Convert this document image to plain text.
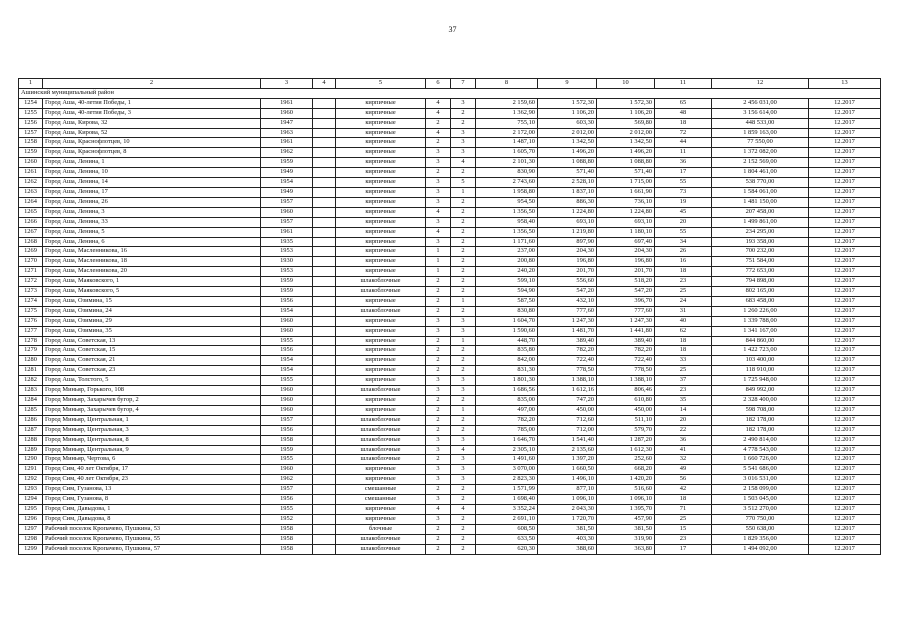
37
1	2	3	4	5	6	7	8	9	10	11	12	13
Ашинский муниципальный район												
1254	Город Аша, 40-летия Победы, 1	1961		кирпичные	4	3	2 159,60	1 572,30	1 572,30	65	2 456 031,00	12.2017
1255	Город Аша, 40-летия Победы, 3	1960		кирпичные	4	2	1 362,90	1 106,20	1 106,20	48	3 156 614,00	12.2017
1256	Город Аша, Кирова, 32	1947		кирпичные	2	2	755,10	603,30	569,80	18	448 533,00	12.2017
1257	Город Аша, Кирова, 52	1963		кирпичные	4	3	2 172,00	2 012,00	2 012,00	72	1 859 163,00	12.2017
1258	Город Аша, Краснофлотцев, 10	1961		кирпичные	2	3	1 487,10	1 342,50	1 342,50	44	77 550,00	12.2017
1259	Город Аша, Краснофлотцев, 8	1962		кирпичные	3	3	1 605,70	1 496,20	1 496,20	11	1 372 082,00	12.2017
1260	Город Аша, Ленина, 1	1959		кирпичные	3	4	2 101,30	1 088,80	1 088,80	36	2 152 569,00	12.2017
1261	Город Аша, Ленина, 10	1949		кирпичные	2	2	830,90	571,40	571,40	17	1 804 461,00	12.2017
1262	Город Аша, Ленина, 14	1954		кирпичные	3	5	2 743,60	2 528,10	1 715,00	55	538 770,00	12.2017
1263	Город Аша, Ленина, 17	1949		кирпичные	3	1	1 958,80	1 837,10	1 661,90	73	1 584 061,00	12.2017
1264	Город Аша, Ленина, 26	1957		кирпичные	3	2	954,50	886,30	736,10	19	1 481 150,00	12.2017
1265	Город Аша, Ленина, 3	1960		кирпичные	4	2	1 356,50	1 224,80	1 224,80	45	207 458,00	12.2017
1266	Город Аша, Ленина, 33	1957		кирпичные	3	2	958,40	693,10	693,10	20	1 499 861,00	12.2017
1267	Город Аша, Ленина, 5	1961		кирпичные	4	2	1 356,50	1 219,80	1 180,10	55	234 295,00	12.2017
1268	Город Аша, Ленина, 6	1935		кирпичные	3	2	1 171,60	897,90	697,40	34	193 358,00	12.2017
1269	Город Аша, Масленникова, 16	1953		кирпичные	1	2	237,00	204,30	204,30	26	700 232,00	12.2017
1270	Город Аша, Масленникова, 18	1930		кирпичные	1	2	200,80	196,80	196,80	16	751 584,00	12.2017
1271	Город Аша, Масленникова, 20	1953		кирпичные	1	2	240,20	201,70	201,70	18	772 653,00	12.2017
1272	Город Аша, Маяковского, 1	1959		шлакоблочные	2	2	599,10	556,60	518,20	23	794 898,00	12.2017
1273	Город Аша, Маяковского, 5	1959		шлакоблочные	2	2	594,90	547,20	547,20	25	802 165,00	12.2017
1274	Город Аша, Озимина, 15	1956		кирпичные	2	1	587,50	432,10	396,70	24	683 458,00	12.2017
1275	Город Аша, Озимина, 24	1954		шлакоблочные	2	2	830,80	777,60	777,60	31	1 260 226,00	12.2017
1276	Город Аша, Озимина, 29	1960		кирпичные	3	3	1 604,70	1 247,30	1 247,30	40	1 339 788,00	12.2017
1277	Город Аша, Озимина, 35	1960		кирпичные	3	3	1 590,60	1 481,70	1 441,80	62	1 341 167,00	12.2017
1278	Город Аша, Советская, 13	1955		кирпичные	2	1	448,70	389,40	389,40	18	844 860,00	12.2017
1279	Город Аша, Советская, 15	1956		кирпичные	2	2	835,80	782,20	782,20	18	1 422 723,00	12.2017
1280	Город Аша, Советская, 21	1954		кирпичные	2	2	842,00	722,40	722,40	33	103 400,00	12.2017
1281	Город Аша, Советская, 23	1954		кирпичные	2	2	831,30	778,50	778,50	25	118 910,00	12.2017
1282	Город Аша, Толстого, 5	1955		кирпичные	3	3	1 801,30	1 388,10	1 388,10	37	1 725 948,00	12.2017
1283	Город Миньяр, Горького, 108	1960		шлакоблочные	3	3	1 686,56	1 612,16	806,46	23	849 992,00	12.2017
1284	Город Миньяр, Захарычев бугор, 2	1960		кирпичные	2	2	835,00	747,20	610,80	35	2 328 400,00	12.2017
1285	Город Миньяр, Захарычев бугор, 4	1960		кирпичные	2	1	497,00	450,00	450,00	14	598 708,00	12.2017
1286	Город Миньяр, Центральная, 1	1957		шлакоблочные	2	2	782,20	712,60	511,10	20	182 178,00	12.2017
1287	Город Миньяр, Центральная, 3	1956		шлакоблочные	2	2	785,00	712,00	579,70	22	182 178,00	12.2017
1288	Город Миньяр, Центральная, 8	1958		шлакоблочные	3	3	1 646,70	1 541,40	1 287,20	36	2 490 814,00	12.2017
1289	Город Миньяр, Центральная, 9	1959		шлакоблочные	3	4	2 305,10	2 135,60	1 612,30	41	4 778 543,00	12.2017
1290	Город Миньяр, Чертова, 6	1955		шлакоблочные	2	3	1 491,60	1 397,20	252,60	32	1 660 726,00	12.2017
1291	Город Сим, 40 лет Октября, 17	1960		кирпичные	3	3	3 070,00	1 660,50	668,20	49	5 541 686,00	12.2017
1292	Город Сим, 40 лет Октября, 23	1962		кирпичные	3	3	2 823,30	1 496,10	1 420,20	56	3 016 531,00	12.2017
1293	Город Сим, Гузанова, 13	1957		смешанные	2	2	1 571,99	877,10	516,60	42	2 158 099,00	12.2017
1294	Город Сим, Гузанова, 8	1956		смешанные	3	2	1 698,40	1 096,10	1 096,10	18	1 503 045,00	12.2017
1295	Город Сим, Давыдова, 1	1955		кирпичные	4	4	3 352,24	2 043,30	1 395,70	71	3 512 270,00	12.2017
1296	Город Сим, Давыдова, 8	1952		кирпичные	3	2	2 691,10	1 720,70	457,90	25	770 750,00	12.2017
1297	Рабочий поселок Кропачево, Пушкина, 53	1958		блочные	2	2	608,50	381,50	381,50	15	550 638,00	12.2017
1298	Рабочий поселок Кропачево, Пушкина, 55	1958		шлакоблочные	2	2	633,50	403,30	319,90	23	1 829 356,00	12.2017
1299	Рабочий поселок Кропачево, Пушкина, 57	1958		шлакоблочные	2	2	620,30	388,60	363,80	17	1 494 092,00	12.2017
